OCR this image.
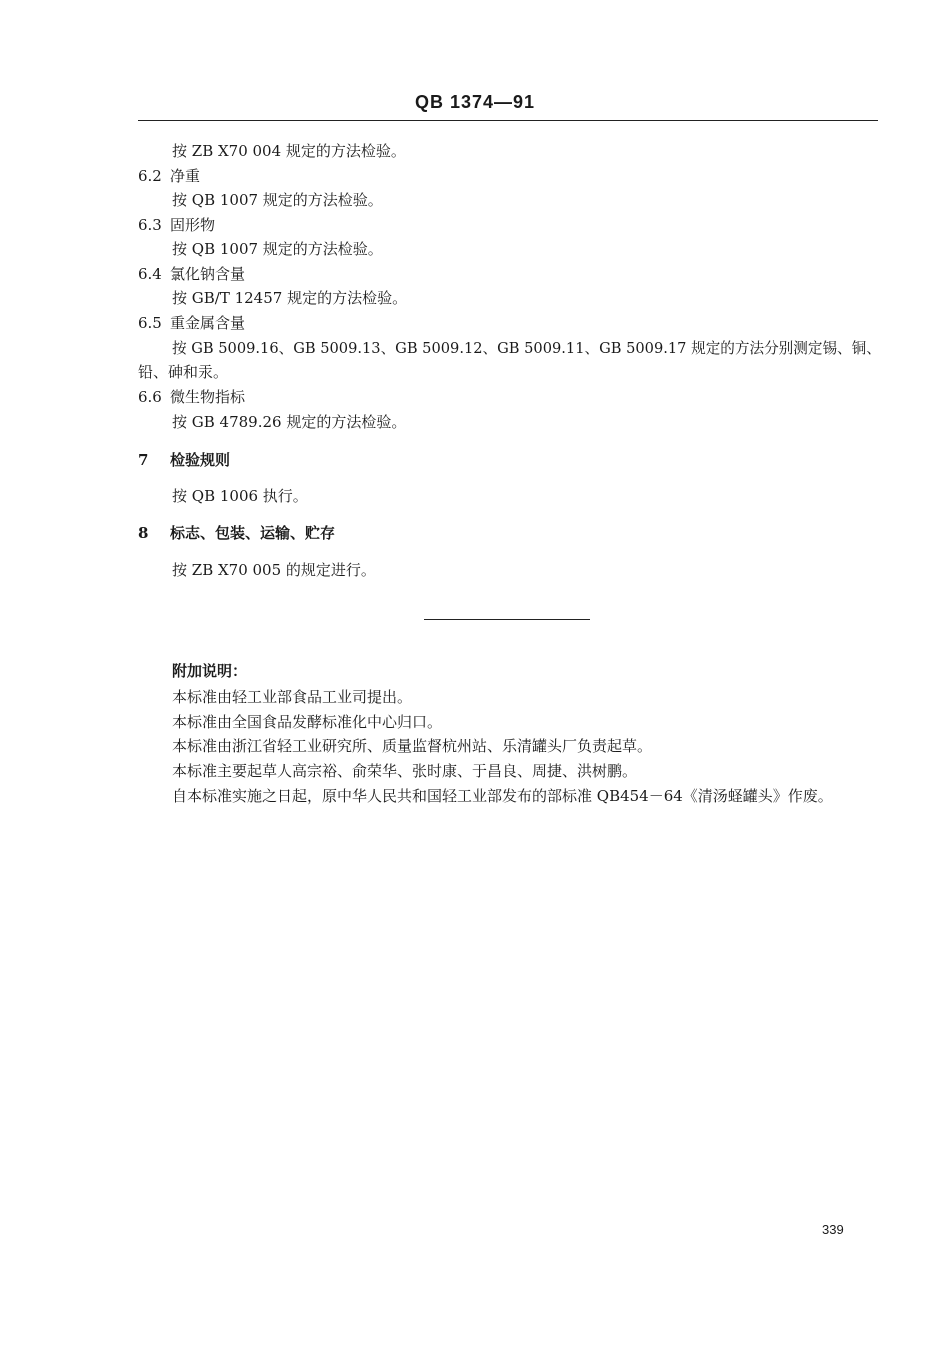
QB 1374—91
按 ZB X70 004 规定的方法检验。
6.2 净重
按 QB 1007 规定的方法检验。
6.3 固形物
按 QB 1007 规定的方法检验。
6.4 氯化钠含量
按 GB/T 12457 规定的方法检验。
6.5 重金属含量
按 GB 5009.16、GB 5009.13、GB 5009.12、GB 5009.11、GB 5009.17 规定的方法分别测定锡、铜、
铅、砷和汞。
6.6 微生物指标
按 GB 4789.26 规定的方法检验。
7 检验规则
按 QB 1006 执行。
8 标志、包装、运输、贮存
按 ZB X70 005 的规定进行。
附加说明：
本标准由轻工业部食品工业司提出。
本标准由全国食品发酵标准化中心归口。
本标准由浙江省轻工业研究所、质量监督杭州站、乐清罐头厂负责起草。
本标准主要起草人高宗裕、俞荣华、张时康、于昌良、周捷、洪树鹏。
自本标准实施之日起，原中华人民共和国轻工业部发布的部标准 QB454－64《清汤蛏罐头》作废。
339
